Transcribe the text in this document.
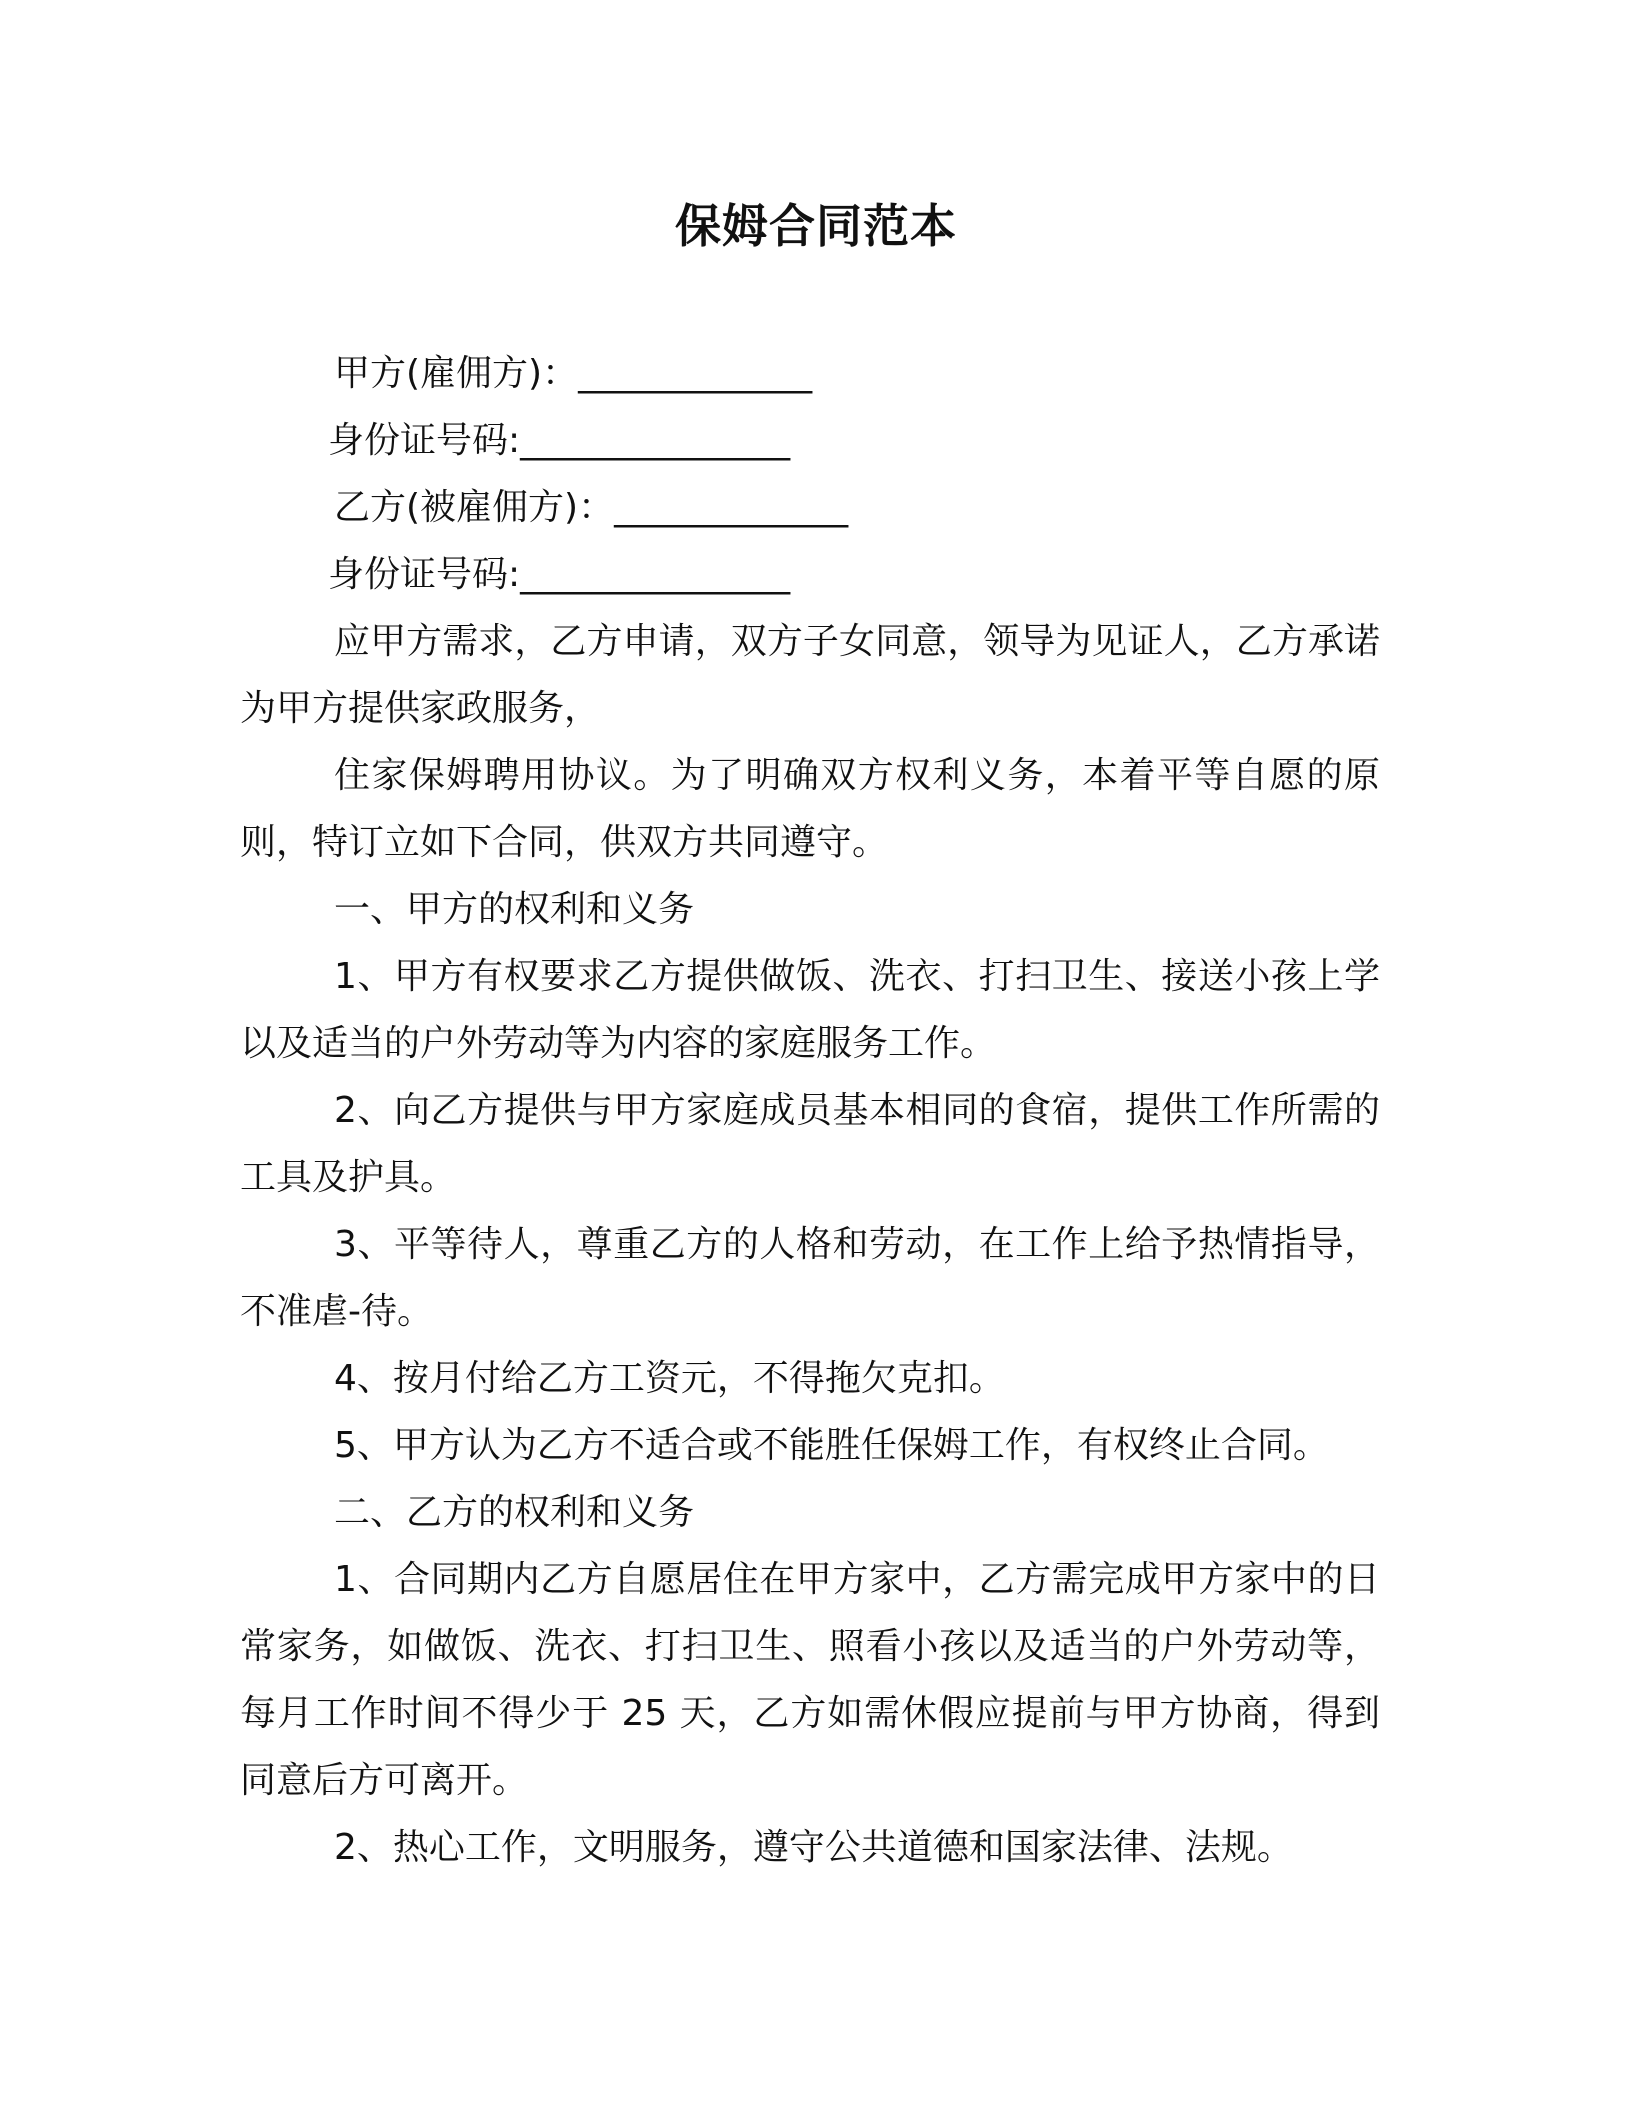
保姆合同范本

甲方(雇佣方)：_____________

身份证号码:_______________

乙方(被雇佣方)：_____________

身份证号码:_______________

应甲方需求，乙方申请，双方子女同意，领导为见证人，乙方承诺为甲方提供家政服务，

住家保姆聘用协议。为了明确双方权利义务，本着平等自愿的原则，特订立如下合同，供双方共同遵守。

一、甲方的权利和义务

1、甲方有权要求乙方提供做饭、洗衣、打扫卫生、接送小孩上学以及适当的户外劳动等为内容的家庭服务工作。

2、向乙方提供与甲方家庭成员基本相同的食宿，提供工作所需的工具及护具。

3、平等待人，尊重乙方的人格和劳动，在工作上给予热情指导，不准虐-待。

4、按月付给乙方工资元，不得拖欠克扣。

5、甲方认为乙方不适合或不能胜任保姆工作，有权终止合同。

二、乙方的权利和义务

1、合同期内乙方自愿居住在甲方家中，乙方需完成甲方家中的日常家务，如做饭、洗衣、打扫卫生、照看小孩以及适当的户外劳动等，每月工作时间不得少于 25 天，乙方如需休假应提前与甲方协商，得到同意后方可离开。

2、热心工作，文明服务，遵守公共道德和国家法律、法规。
